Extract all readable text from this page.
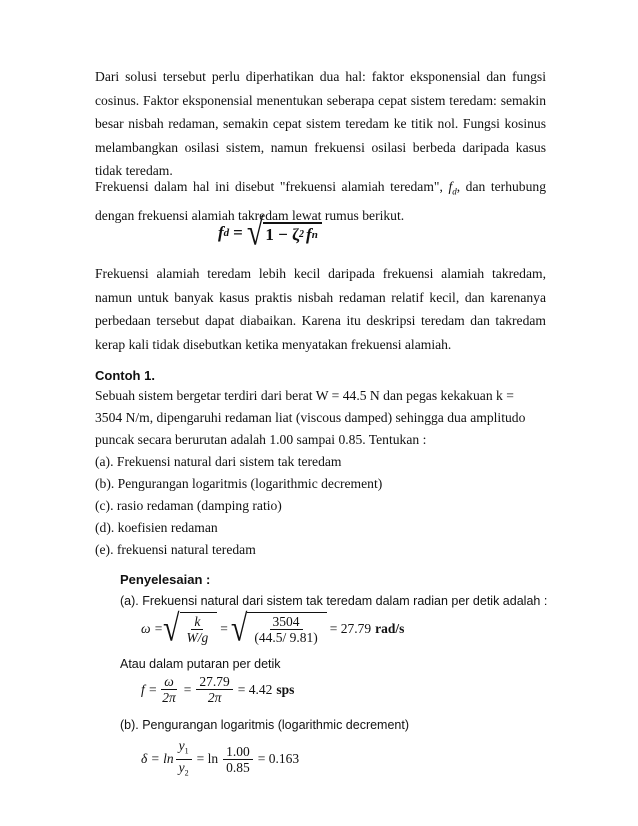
Dari solusi tersebut perlu diperhatikan dua hal: faktor eksponensial dan fungsi cosinus. Faktor eksponensial menentukan seberapa cepat sistem teredam: semakin besar nisbah redaman, semakin cepat sistem teredam ke titik nol. Fungsi kosinus melambangkan osilasi sistem, namun frekuensi osilasi berbeda daripada kasus tidak teredam.

Frekuensi dalam hal ini disebut "frekuensi alamiah teredam", $f_d$, dan terhubung dengan frekuensi alamiah takredam lewat rumus berikut.

f d = √ 1 − ζ 2 f n

Frekuensi alamiah teredam lebih kecil daripada frekuensi alamiah takredam, namun untuk banyak kasus praktis nisbah redaman relatif kecil, dan karenanya perbedaan tersebut dapat diabaikan. Karena itu deskripsi teredam dan takredam kerap kali tidak disebutkan ketika menyatakan frekuensi alamiah.

Contoh 1.
Sebuah sistem bergetar terdiri dari berat W = 44.5 N dan pegas kekakuan k =
3504 N/m, dipengaruhi redaman liat (viscous damped) sehingga dua amplitudo
puncak secara berurutan adalah 1.00 sampai 0.85. Tentukan :
(a). Frekuensi natural dari sistem tak teredam
(b). Pengurangan logaritmis (logarithmic decrement)
(c). rasio redaman (damping ratio)
(d). koefisien redaman
(e). frekuensi natural teredam
Penyelesaian :
(a). Frekuensi natural dari sistem tak teredam dalam radian per detik adalah :
ω = √ $\frac{k}{W/g}$ = √ $\frac{3504}{(44.5/ 9.81)} = 27.79$ rad/s
Atau dalam putaran per detik
$f = \frac{\omega}{2\pi} = \frac{27.79}{2\pi} = 4.42$ sps
(b). Pengurangan logaritmis (logarithmic decrement)
$\delta = \ln \frac{y_1}{y_2} = \ln \frac{1.00}{0.85} = 0.163$
